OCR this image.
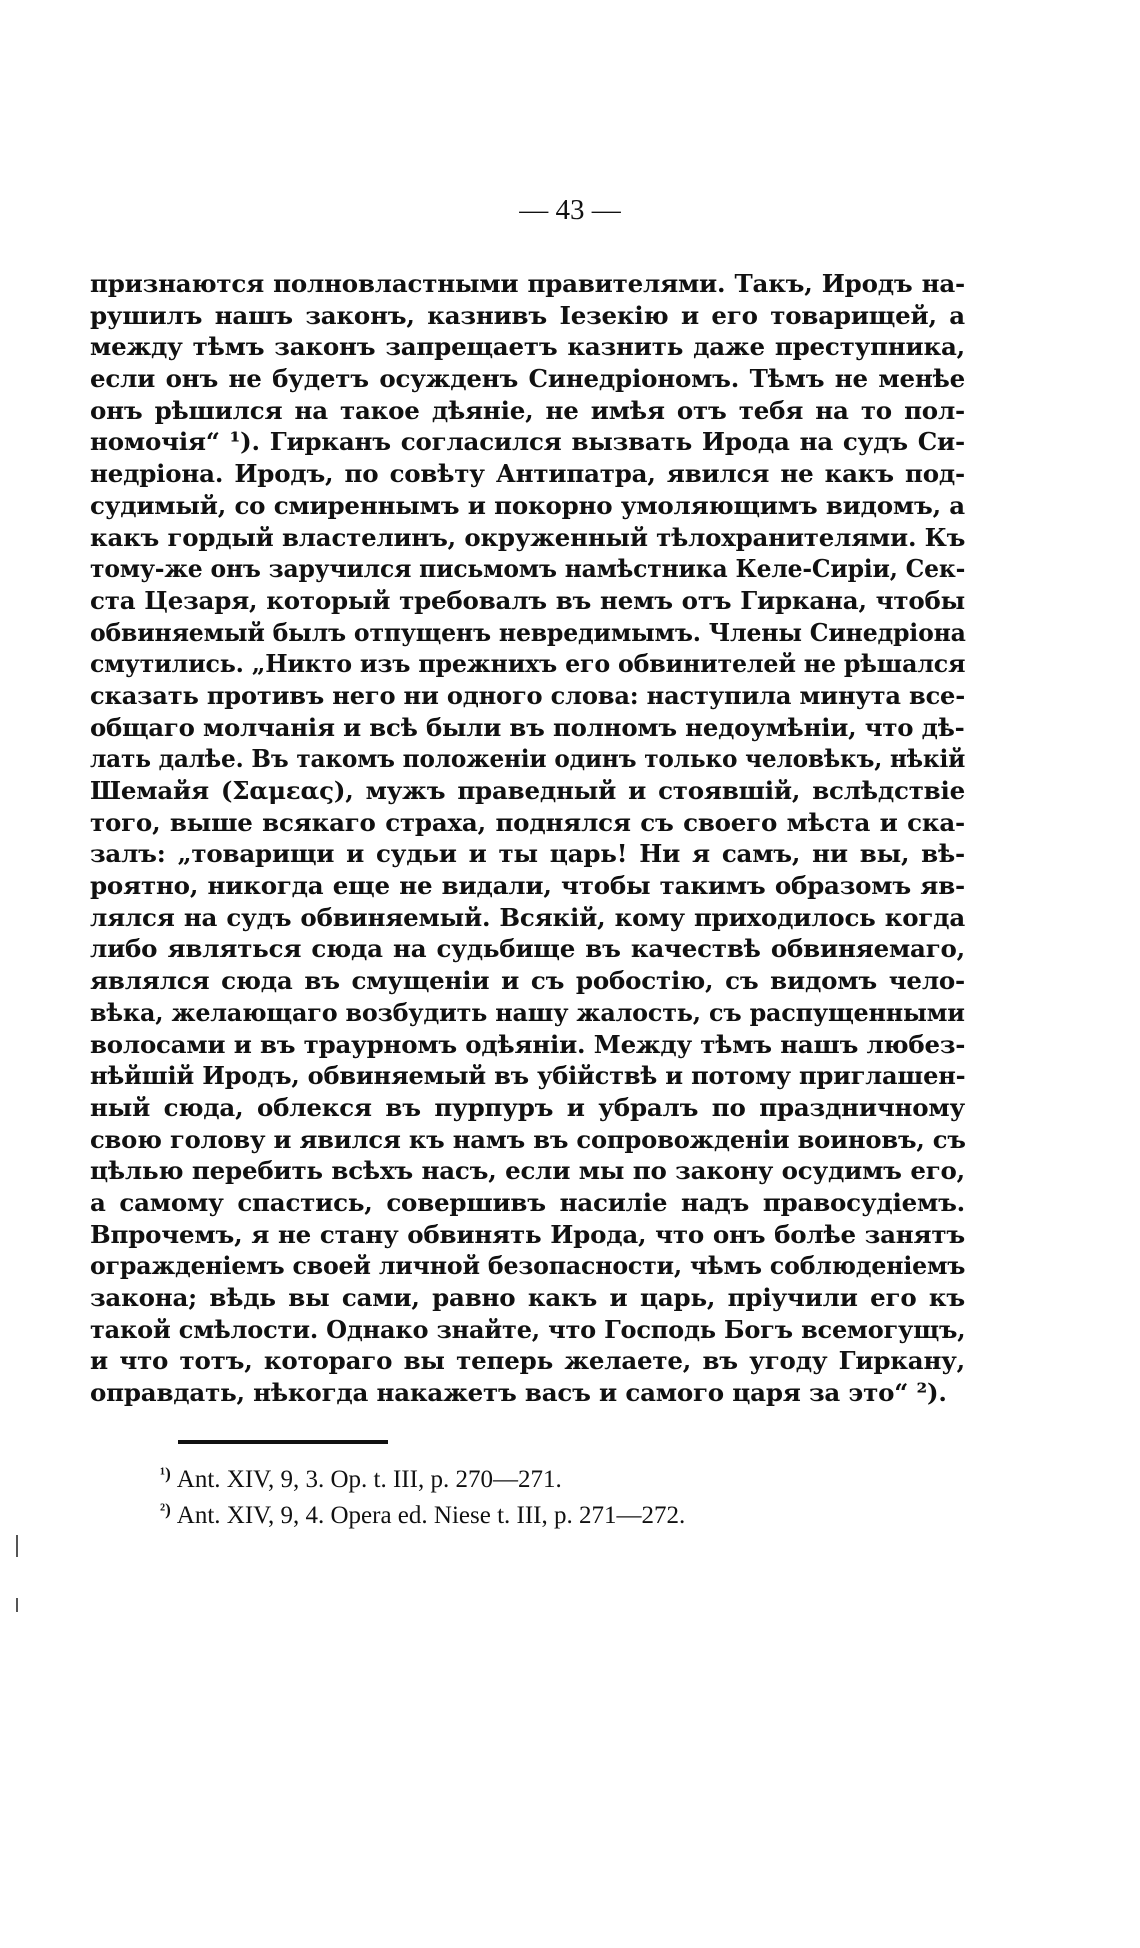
— 43 —
признаются полновластными правителями. Такъ, Иродъ на-
рушилъ нашъ законъ, казнивъ Iезекiю и его товарищей, а
между тѣмъ законъ запрещаетъ казнить даже преступника,
если онъ не будетъ осужденъ Синедрiономъ. Тѣмъ не менѣе
онъ рѣшился на такое дѣянiе, не имѣя отъ тебя на то пол-
номочiя“ ¹). Гирканъ согласился вызвать Ирода на судъ Си-
недрiона. Иродъ, по совѣту Антипатра, явился не какъ под-
судимый, со смиреннымъ и покорно умоляющимъ видомъ, а
какъ гордый властелинъ, окруженный тѣлохранителями. Къ
тому-же онъ заручился письмомъ намѣстника Келе-Сирiи, Сек-
ста Цезаря, который требовалъ въ немъ отъ Гиркана, чтобы
обвиняемый былъ отпущенъ невредимымъ. Члены Синедрiона
смутились. „Никто изъ прежнихъ его обвинителей не рѣшался
сказать противъ него ни одного слова: наступила минута все-
общаго молчанiя и всѣ были въ полномъ недоумѣнiи, что дѣ-
лать далѣе. Въ такомъ положенiи одинъ только человѣкъ, нѣкiй
Шемайя (Σαμεας), мужъ праведный и стоявшiй, вслѣдствiе
того, выше всякаго страха, поднялся съ своего мѣста и ска-
залъ: „товарищи и судьи и ты царь! Ни я самъ, ни вы, вѣ-
роятно, никогда еще не видали, чтобы такимъ образомъ яв-
лялся на судъ обвиняемый. Всякiй, кому приходилось когда
либо являться сюда на судьбище въ качествѣ обвиняемаго,
являлся сюда въ смущенiи и съ робостiю, съ видомъ чело-
вѣка, желающаго возбудить нашу жалость, съ распущенными
волосами и въ траурномъ одѣянiи. Между тѣмъ нашъ любез-
нѣйшiй Иродъ, обвиняемый въ убiйствѣ и потому приглашен-
ный сюда, облекся въ пурпуръ и убралъ по праздничному
свою голову и явился къ намъ въ сопровожденiи воиновъ, съ
цѣлью перебить всѣхъ насъ, если мы по закону осудимъ его,
а самому спастись, совершивъ насилiе надъ правосудiемъ.
Впрочемъ, я не стану обвинять Ирода, что онъ болѣе занятъ
огражденiемъ своей личной безопасности, чѣмъ соблюденiемъ
закона; вѣдь вы сами, равно какъ и царь, прiучили его къ
такой смѣлости. Однако знайте, что Господь Богъ всемогущъ,
и что тотъ, котораго вы теперь желаете, въ угоду Гиркану,
оправдать, нѣкогда накажетъ васъ и самого царя за это“ ²).
$^{^1)}$ Ant. XIV, 9, 3. Op. t. III, p. 270—271.
$^{^2)}$ Ant. XIV, 9, 4. Opera ed. Niese t. III, p. 271—272.
